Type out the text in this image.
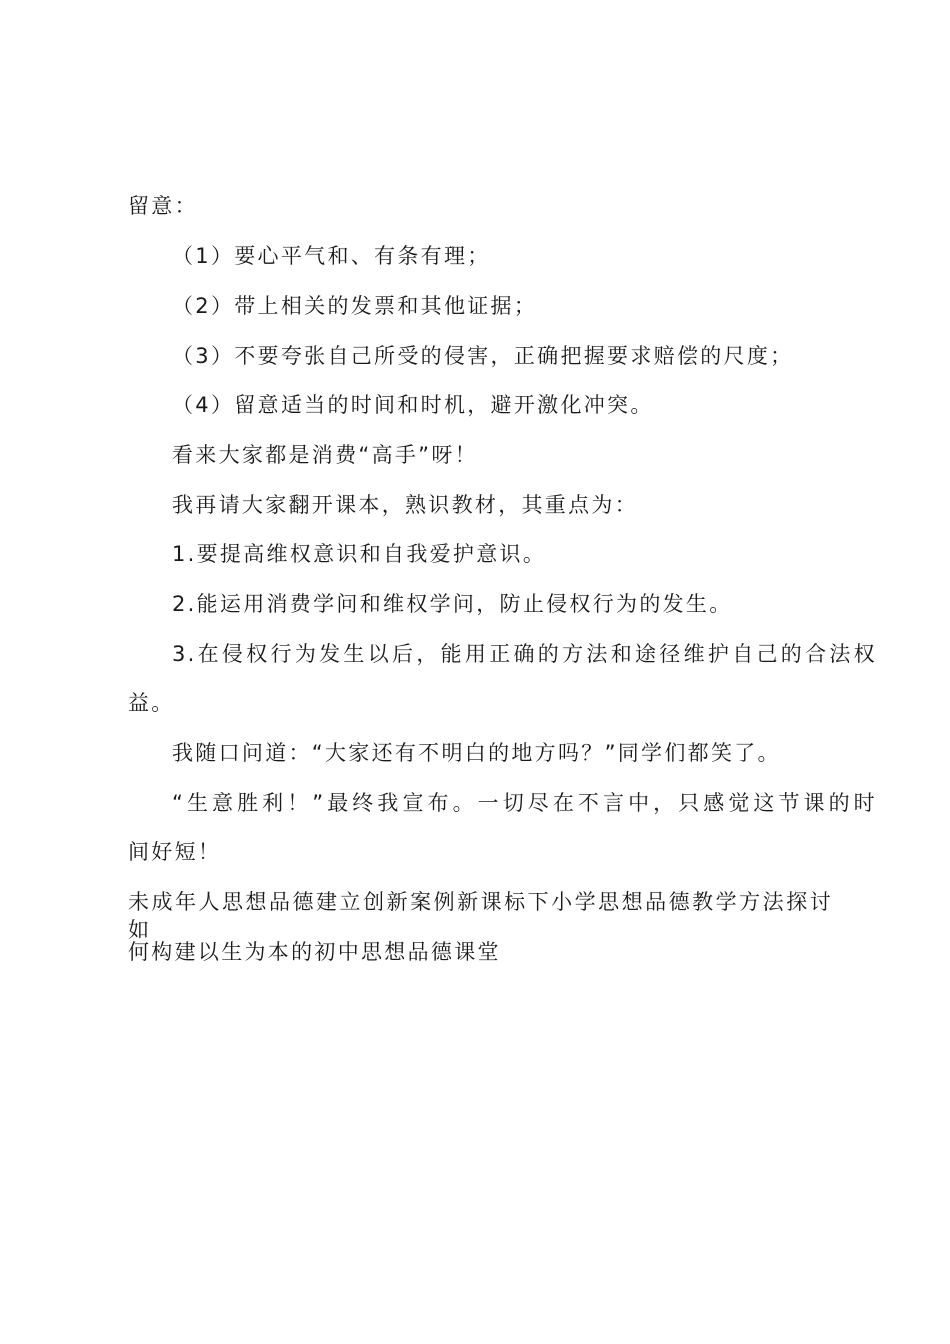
留意：
（1）要心平气和、有条有理；
（2）带上相关的发票和其他证据；
（3）不要夸张自己所受的侵害，正确把握要求赔偿的尺度；
（4）留意适当的时间和时机，避开激化冲突。
看来大家都是消费“高手”呀！
我再请大家翻开课本，熟识教材，其重点为：
1.要提高维权意识和自我爱护意识。
2.能运用消费学问和维权学问，防止侵权行为的发生。
3.在侵权行为发生以后，能用正确的方法和途径维护自己的合法权
益。
我随口问道：“大家还有不明白的地方吗？”同学们都笑了。
“生意胜利！”最终我宣布。一切尽在不言中，只感觉这节课的时
间好短！
未成年人思想品德建立创新案例新课标下小学思想品德教学方法探讨如
何构建以生为本的初中思想品德课堂
